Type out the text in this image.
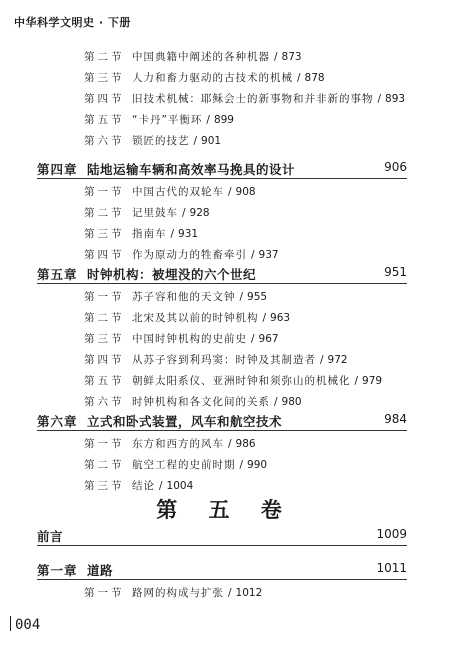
中华科学文明史 · 下册
第二节 中国典籍中阐述的各种机器 / 873
第三节 人力和畜力驱动的古技术的机械 / 878
第四节 旧技术机械：耶稣会士的新事物和并非新的事物 / 893
第五节 “卡丹”平衡环 / 899
第六节 锁匠的技艺 / 901
第四章 陆地运输车辆和高效率马挽具的设计	906
第一节 中国古代的双轮车 / 908
第二节 记里鼓车 / 928
第三节 指南车 / 931
第四节 作为原动力的牲畜牵引 / 937
第五章 时钟机构：被埋没的六个世纪	951
第一节 苏子容和他的天文钟 / 955
第二节 北宋及其以前的时钟机构 / 963
第三节 中国时钟机构的史前史 / 967
第四节 从苏子容到利玛窦：时钟及其制造者 / 972
第五节 朝鲜太阳系仪、亚洲时钟和须弥山的机械化 / 979
第六节 时钟机构和各文化间的关系 / 980
第六章 立式和卧式装置，风车和航空技术	984
第一节 东方和西方的风车 / 986
第二节 航空工程的史前时期 / 990
第三节 结论 / 1004
第 五 卷
前言	1009
第一章 道路	1011
第一节 路网的构成与扩张 / 1012
004
